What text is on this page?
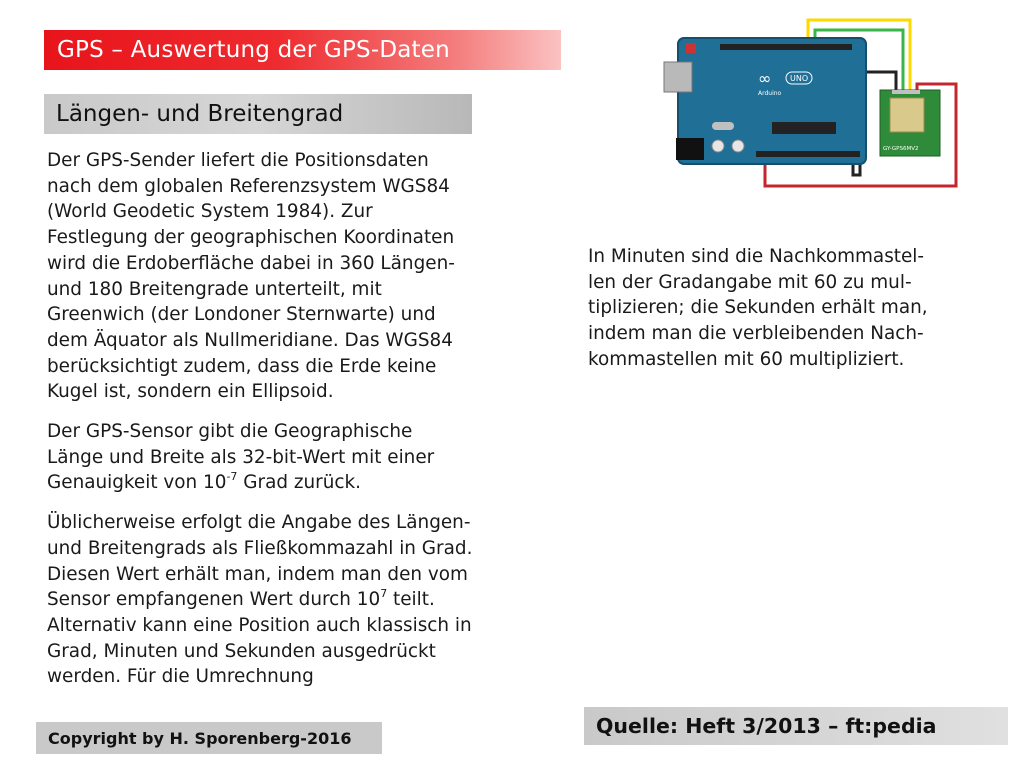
GPS – Auswertung der GPS-Daten
Längen- und Breitengrad

Der GPS-Sender liefert die Positionsdaten
nach dem globalen Referenzsystem WGS84
(World Geodetic System 1984). Zur
Festlegung der geographischen Koordinaten
wird die Erdoberfläche dabei in 360 Längen-
und 180 Breitengrade unterteilt, mit
Greenwich (der Londoner Sternwarte) und
dem Äquator als Nullmeridiane. Das WGS84
berücksichtigt zudem, dass die Erde keine
Kugel ist, sondern ein Ellipsoid.

Der GPS-Sensor gibt die Geographische
Länge und Breite als 32-bit-Wert mit einer
Genauigkeit von $10^{-7}$ Grad zurück.

Üblicherweise erfolgt die Angabe des Längen-
und Breitengrads als Fließkommazahl in Grad.
Diesen Wert erhält man, indem man den vom
Sensor empfangenen Wert durch $10^7$ teilt.
Alternativ kann eine Position auch klassisch in
Grad, Minuten und Sekunden ausgedrückt
werden. Für die Umrechnung

In Minuten sind die Nachkommastel-
len der Gradangabe mit 60 zu mul-
tiplizieren; die Sekunden erhält man,
indem man die verbleibenden Nach-
kommastellen mit 60 multipliziert.
∞
Arduino
UNO
GY-GPS6MV2
Copyright by H. Sporenberg-2016	Quelle: Heft 3/2013 – ft:pedia
